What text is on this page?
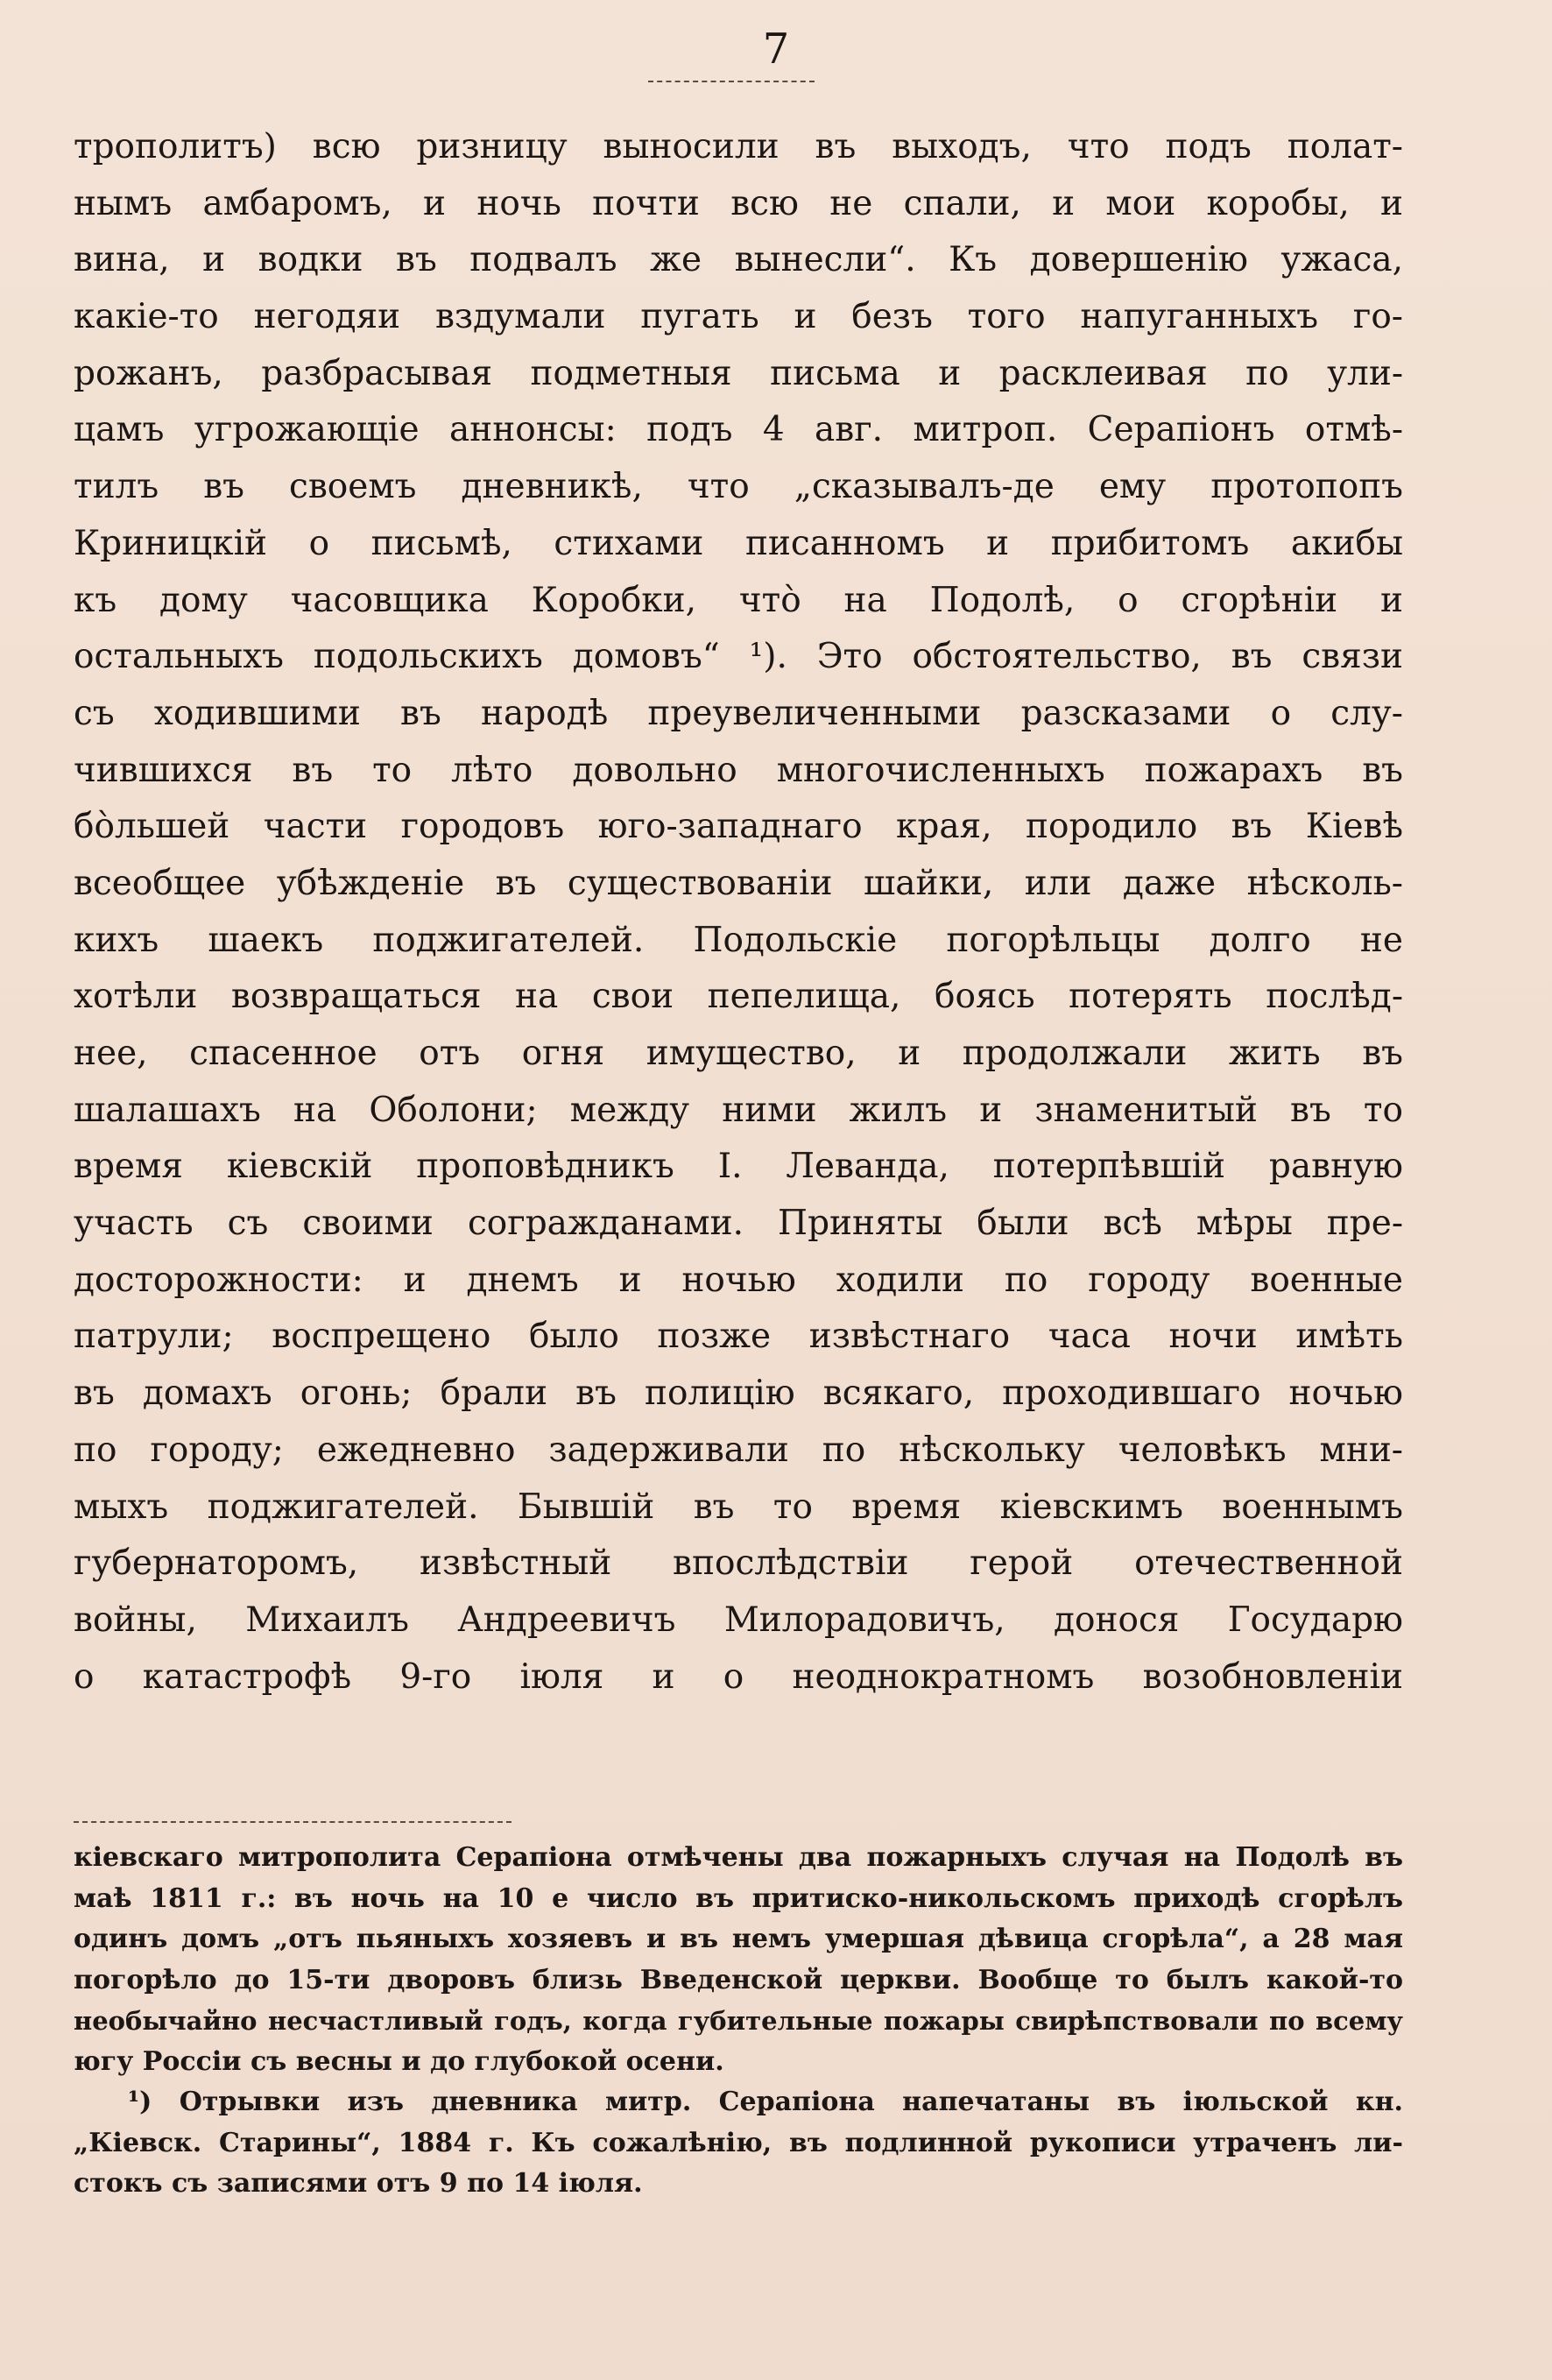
7
трополитъ) всю ризницу выносили въ выходъ, что подъ полат-
нымъ амбаромъ, и ночь почти всю не спали, и мои коробы, и
вина, и водки въ подвалъ же вынесли“. Къ довершенію ужаса,
какіе-то негодяи вздумали пугать и безъ того напуганныхъ го-
рожанъ, разбрасывая подметныя письма и расклеивая по ули-
цамъ угрожающіе аннонсы: подъ 4 авг. митроп. Серапіонъ отмѣ-
тилъ въ своемъ дневникѣ, что „сказывалъ-де ему протопопъ
Криницкій о письмѣ, стихами писанномъ и прибитомъ акибы
къ дому часовщика Коробки, что̀ на Подолѣ, о сгорѣніи и
остальныхъ подольскихъ домовъ“ ¹). Это обстоятельство, въ связи
съ ходившими въ народѣ преувеличенными разсказами о слу-
чившихся въ то лѣто довольно многочисленныхъ пожарахъ въ
бо̀льшей части городовъ юго-западнаго края, породило въ Кіевѣ
всеобщее убѣжденіе въ существованіи шайки, или даже нѣсколь-
кихъ шаекъ поджигателей. Подольскіе погорѣльцы долго не
хотѣли возвращаться на свои пепелища, боясь потерять послѣд-
нее, спасенное отъ огня имущество, и продолжали жить въ
шалашахъ на Оболони; между ними жилъ и знаменитый въ то
время кіевскій проповѣдникъ І. Леванда, потерпѣвшій равную
участь съ своими согражданами. Приняты были всѣ мѣры пре-
досторожности: и днемъ и ночью ходили по городу военные
патрули; воспрещено было позже извѣстнаго часа ночи имѣть
въ домахъ огонь; брали въ полицію всякаго, проходившаго ночью
по городу; ежедневно задерживали по нѣскольку человѣкъ мни-
мыхъ поджигателей. Бывшій въ то время кіевскимъ военнымъ
губернаторомъ, извѣстный впослѣдствіи герой отечественной
войны, Михаилъ Андреевичъ Милорадовичъ, донося Государю
о катастрофѣ 9-го іюля и о неоднократномъ возобновленіи
кіевскаго митрополита Серапіона отмѣчены два пожарныхъ случая на Подолѣ въ
маѣ 1811 г.: въ ночь на 10 е число въ притиско-никольскомъ приходѣ сгорѣлъ
одинъ домъ „отъ пьяныхъ хозяевъ и въ немъ умершая дѣвица сгорѣла“, а 28 мая
погорѣло до 15-ти дворовъ близь Введенской церкви. Вообще то былъ какой-то
необычайно несчастливый годъ, когда губительные пожары свирѣпствовали по всему
югу Россіи съ весны и до глубокой осени.
¹) Отрывки изъ дневника митр. Серапіона напечатаны въ іюльской кн.
„Кіевск. Старины“, 1884 г. Къ сожалѣнію, въ подлинной рукописи утраченъ ли-
стокъ съ записями отъ 9 по 14 іюля.
